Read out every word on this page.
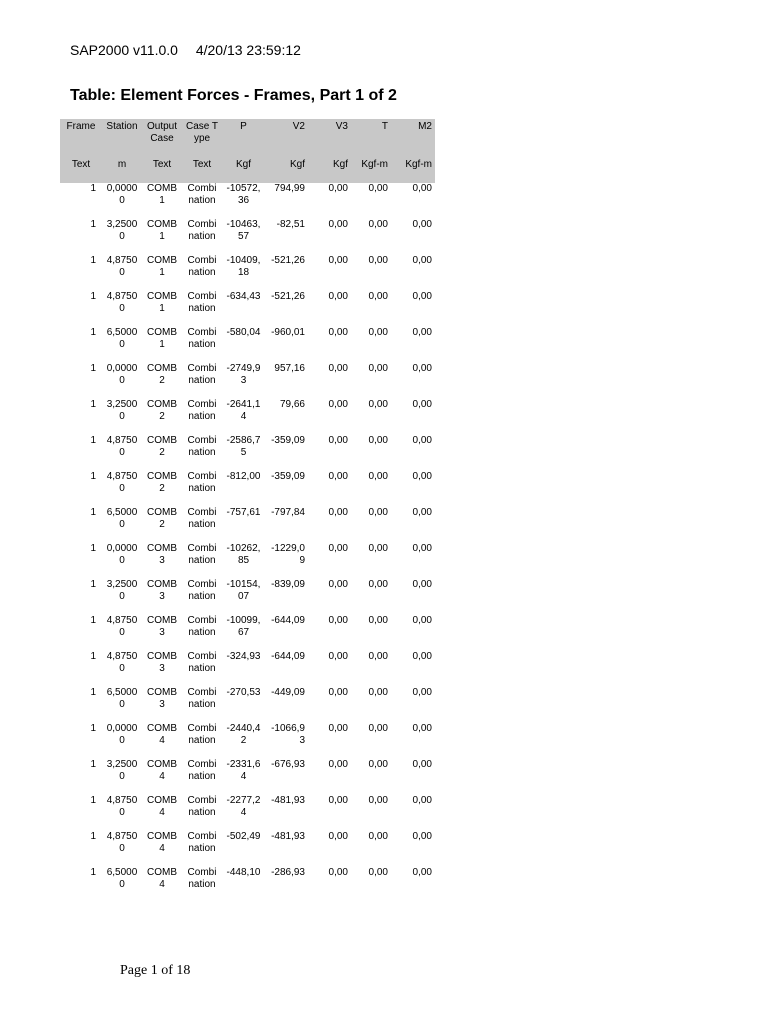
SAP2000 v11.0.0 4/20/13 23:59:12
Table: Element Forces - Frames, Part 1 of 2
Frame	Station	OutputCase	Case Type	P	V2	V3	T	M2
Text	m	Text	Text	Kgf	Kgf	Kgf	Kgf-m	Kgf-m
1	0,00000	COMB1	Combination	-10572,36	794,99	0,00	0,00	0,00
1	3,25000	COMB1	Combination	-10463,57	-82,51	0,00	0,00	0,00
1	4,87500	COMB1	Combination	-10409,18	-521,26	0,00	0,00	0,00
1	4,87500	COMB1	Combination	-634,43	-521,26	0,00	0,00	0,00
1	6,50000	COMB1	Combination	-580,04	-960,01	0,00	0,00	0,00
1	0,00000	COMB2	Combination	-2749,93	957,16	0,00	0,00	0,00
1	3,25000	COMB2	Combination	-2641,14	79,66	0,00	0,00	0,00
1	4,87500	COMB2	Combination	-2586,75	-359,09	0,00	0,00	0,00
1	4,87500	COMB2	Combination	-812,00	-359,09	0,00	0,00	0,00
1	6,50000	COMB2	Combination	-757,61	-797,84	0,00	0,00	0,00
1	0,00000	COMB3	Combination	-10262,85	-1229,09	0,00	0,00	0,00
1	3,25000	COMB3	Combination	-10154,07	-839,09	0,00	0,00	0,00
1	4,87500	COMB3	Combination	-10099,67	-644,09	0,00	0,00	0,00
1	4,87500	COMB3	Combination	-324,93	-644,09	0,00	0,00	0,00
1	6,50000	COMB3	Combination	-270,53	-449,09	0,00	0,00	0,00
1	0,00000	COMB4	Combination	-2440,42	-1066,93	0,00	0,00	0,00
1	3,25000	COMB4	Combination	-2331,64	-676,93	0,00	0,00	0,00
1	4,87500	COMB4	Combination	-2277,24	-481,93	0,00	0,00	0,00
1	4,87500	COMB4	Combination	-502,49	-481,93	0,00	0,00	0,00
1	6,50000	COMB4	Combination	-448,10	-286,93	0,00	0,00	0,00
Page 1 of 18
